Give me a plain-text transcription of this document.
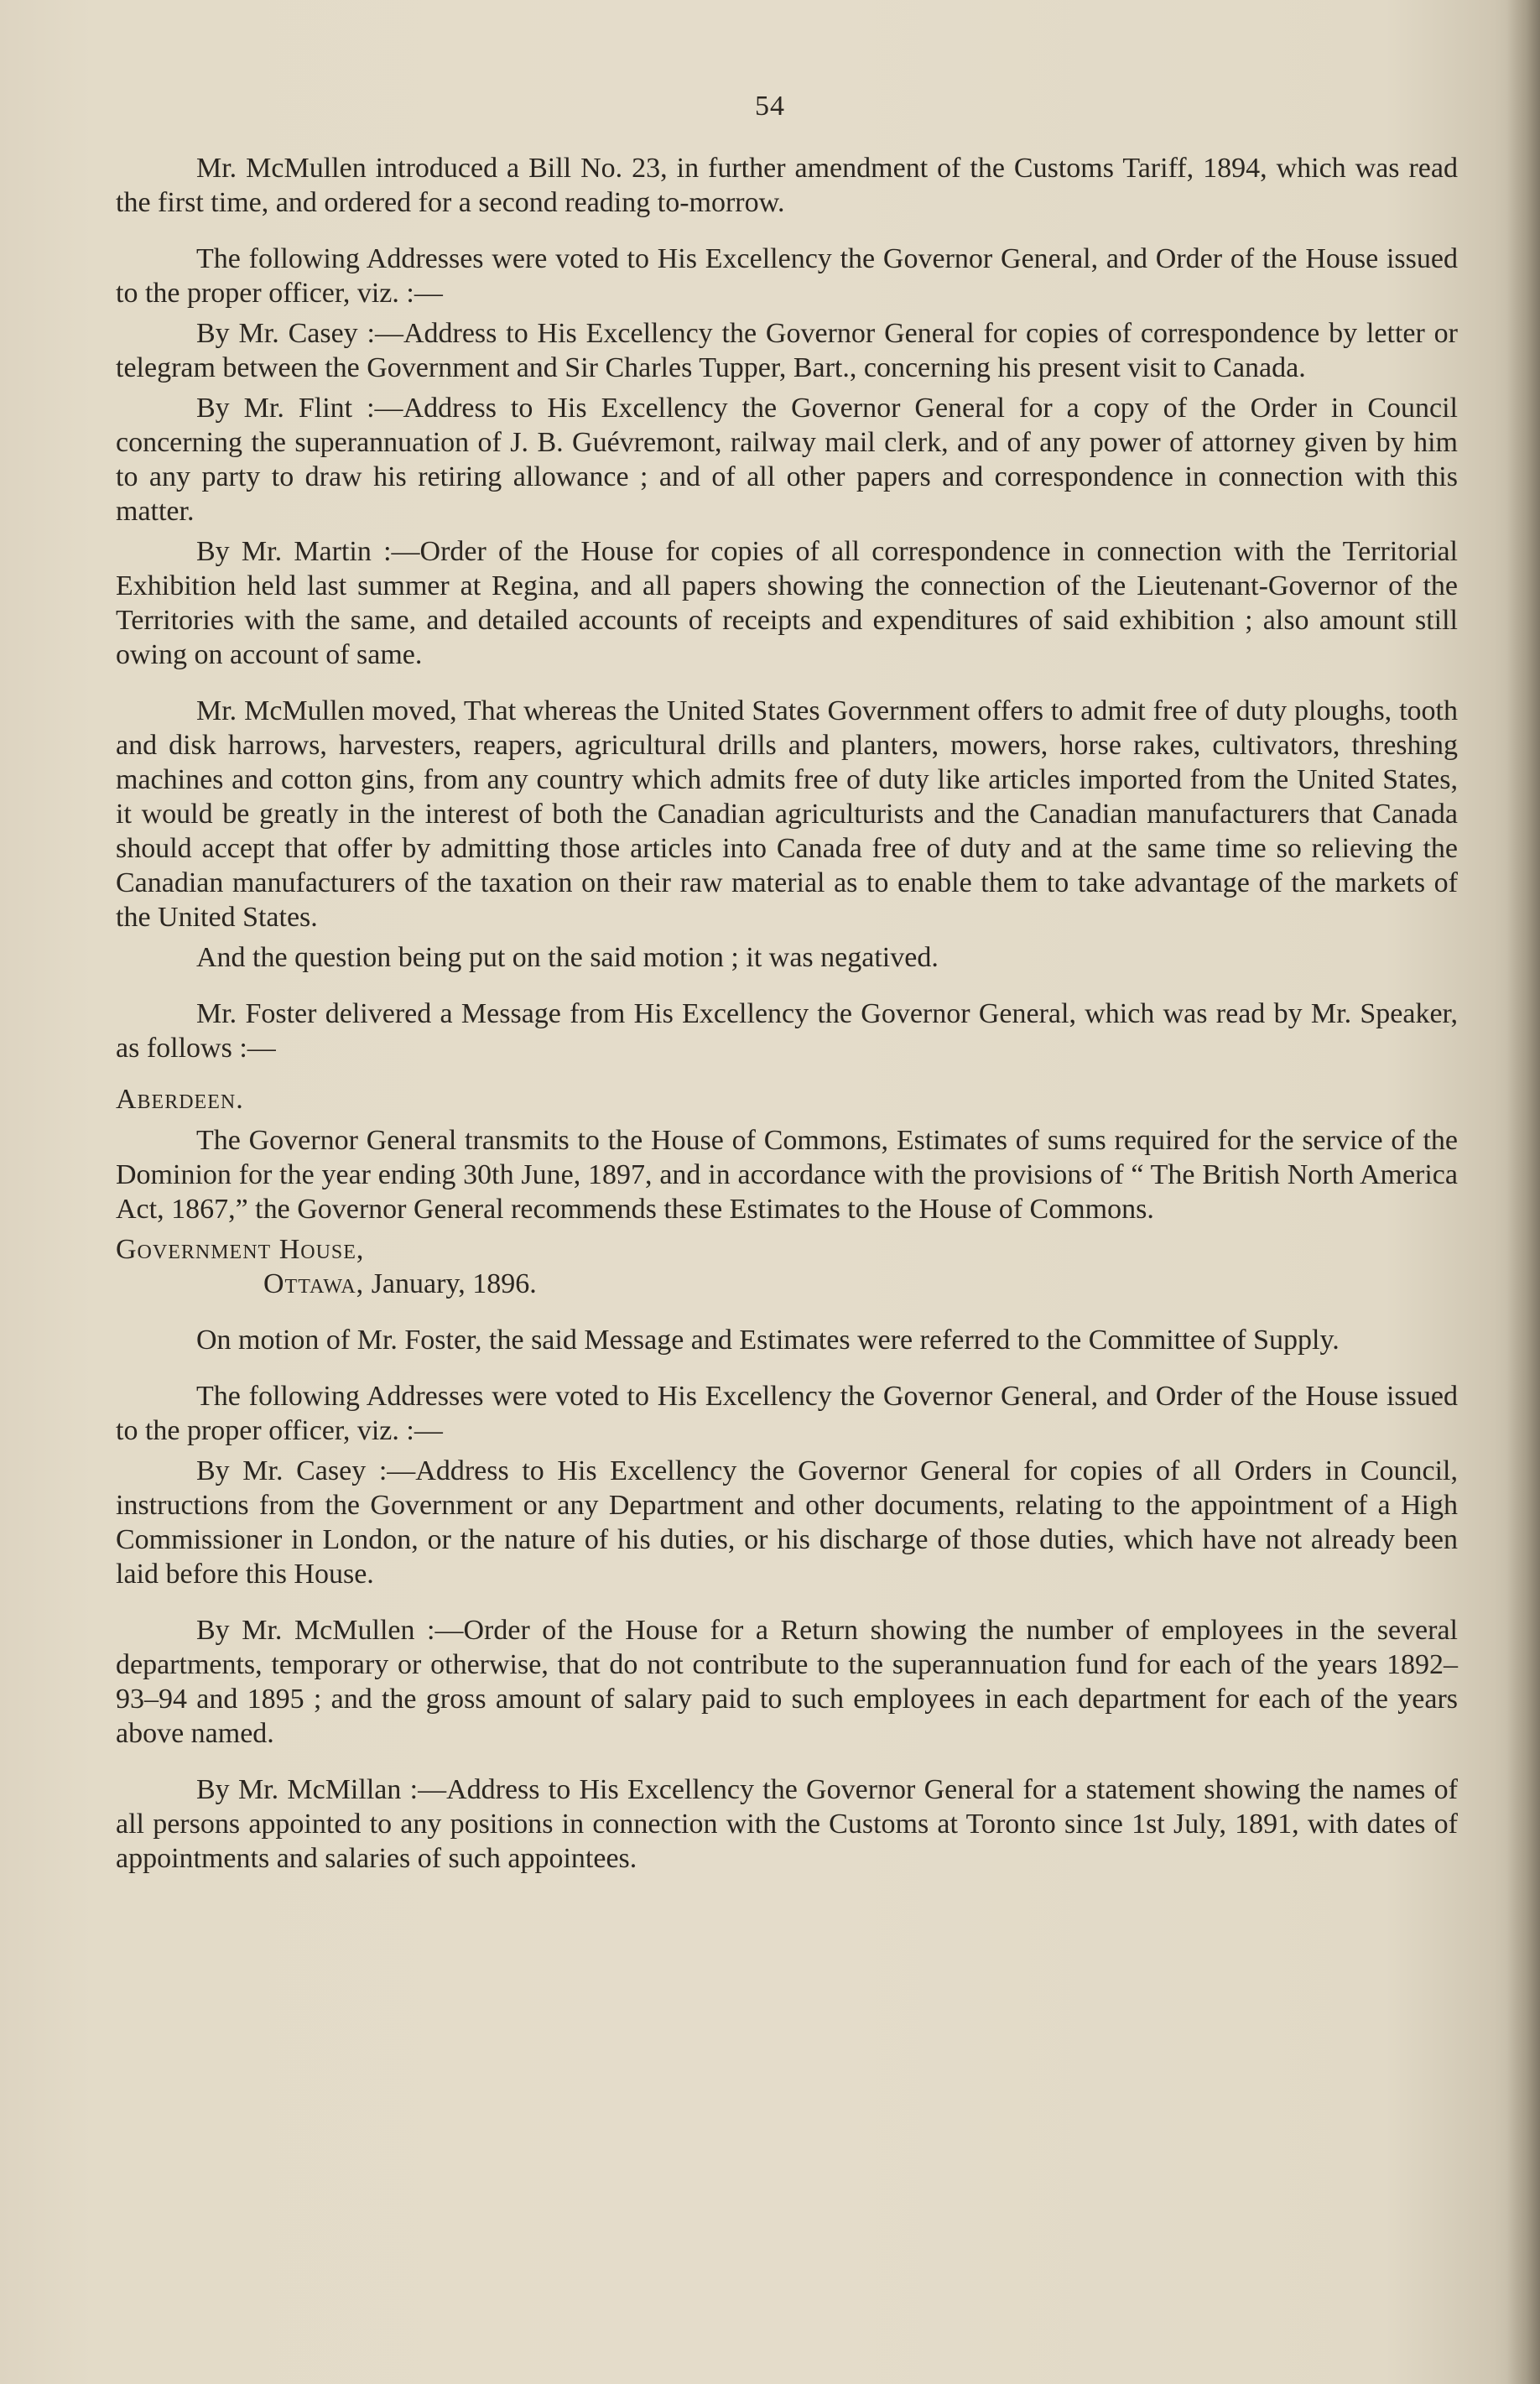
54

Mr. McMullen introduced a Bill No. 23, in further amendment of the Customs Tariff, 1894, which was read the first time, and ordered for a second reading to-morrow.

The following Addresses were voted to His Excellency the Governor General, and Order of the House issued to the proper officer, viz. :—

By Mr. Casey :—Address to His Excellency the Governor General for copies of correspondence by letter or telegram between the Government and Sir Charles Tupper, Bart., concerning his present visit to Canada.

By Mr. Flint :—Address to His Excellency the Governor General for a copy of the Order in Council concerning the superannuation of J. B. Guévremont, railway mail clerk, and of any power of attorney given by him to any party to draw his retiring allowance ; and of all other papers and correspondence in connection with this matter.

By Mr. Martin :—Order of the House for copies of all correspondence in connection with the Territorial Exhibition held last summer at Regina, and all papers showing the connection of the Lieutenant-Governor of the Territories with the same, and detailed accounts of receipts and expenditures of said exhibition ; also amount still owing on account of same.

Mr. McMullen moved, That whereas the United States Government offers to admit free of duty ploughs, tooth and disk harrows, harvesters, reapers, agricultural drills and planters, mowers, horse rakes, cultivators, threshing machines and cotton gins, from any country which admits free of duty like articles imported from the United States, it would be greatly in the interest of both the Canadian agriculturists and the Canadian manufacturers that Canada should accept that offer by admitting those articles into Canada free of duty and at the same time so relieving the Canadian manufacturers of the taxation on their raw material as to enable them to take advantage of the markets of the United States.

And the question being put on the said motion ; it was negatived.

Mr. Foster delivered a Message from His Excellency the Governor General, which was read by Mr. Speaker, as follows :—

Aberdeen.

The Governor General transmits to the House of Commons, Estimates of sums required for the service of the Dominion for the year ending 30th June, 1897, and in accordance with the provisions of “ The British North America Act, 1867,” the Governor General recommends these Estimates to the House of Commons.

Government House,

Ottawa, January, 1896.

On motion of Mr. Foster, the said Message and Estimates were referred to the Committee of Supply.

The following Addresses were voted to His Excellency the Governor General, and Order of the House issued to the proper officer, viz. :—

By Mr. Casey :—Address to His Excellency the Governor General for copies of all Orders in Council, instructions from the Government or any Department and other documents, relating to the appointment of a High Commissioner in London, or the nature of his duties, or his discharge of those duties, which have not already been laid before this House.

By Mr. McMullen :—Order of the House for a Return showing the number of employees in the several departments, temporary or otherwise, that do not contribute to the superannuation fund for each of the years 1892–93–94 and 1895 ; and the gross amount of salary paid to such employees in each department for each of the years above named.

By Mr. McMillan :—Address to His Excellency the Governor General for a statement showing the names of all persons appointed to any positions in connection with the Customs at Toronto since 1st July, 1891, with dates of appointments and salaries of such appointees.
